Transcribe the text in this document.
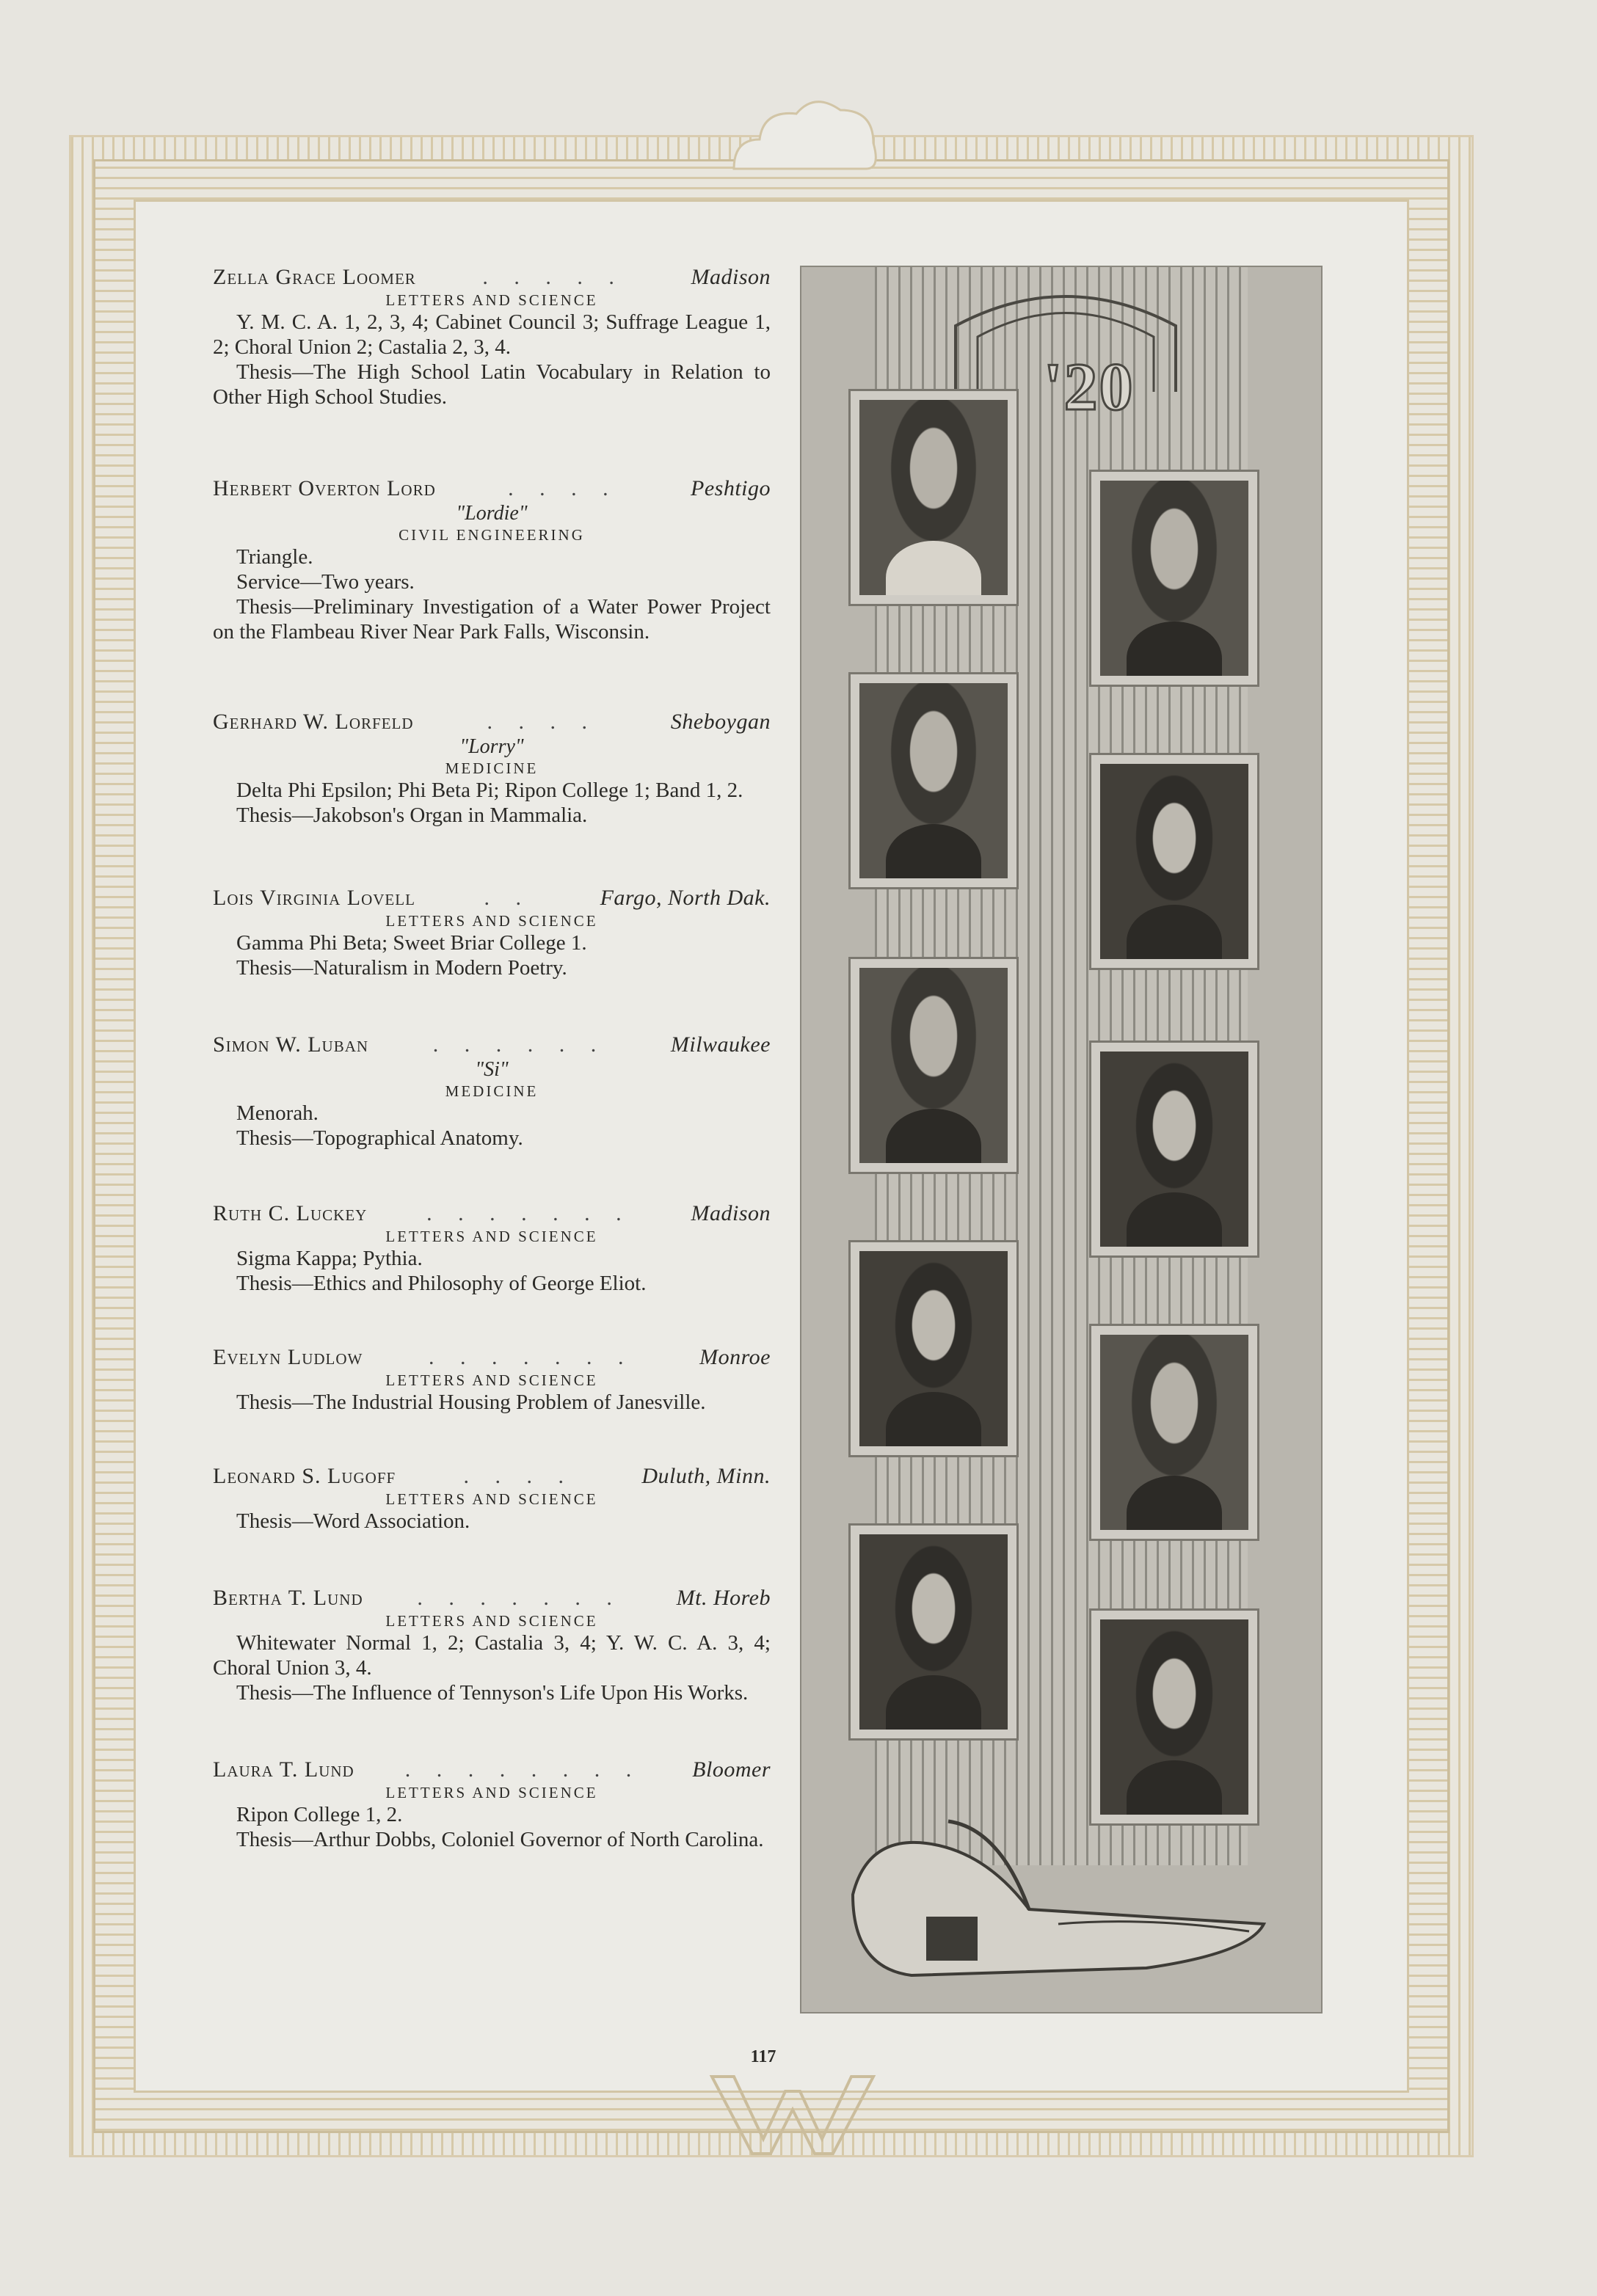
Zella Grace Loomer	. . . . .	Madison
LETTERS AND SCIENCE
Y. M. C. A. 1, 2, 3, 4; Cabinet Council 3; Suffrage League 1, 2; Choral Union 2; Castalia 2, 3, 4.
Thesis—The High School Latin Vocabulary in Relation to Other High School Studies.
Herbert Overton Lord	. . . .	Peshtigo
"Lordie"
CIVIL ENGINEERING
Triangle.
Service—Two years.
Thesis—Preliminary Investigation of a Water Power Project on the Flambeau River Near Park Falls, Wisconsin.
Gerhard W. Lorfeld	. . . .	Sheboygan
"Lorry"
MEDICINE
Delta Phi Epsilon; Phi Beta Pi; Ripon College 1; Band 1, 2.
Thesis—Jakobson's Organ in Mammalia.
Lois Virginia Lovell	. .	Fargo, North Dak.
LETTERS AND SCIENCE
Gamma Phi Beta; Sweet Briar College 1.
Thesis—Naturalism in Modern Poetry.
Simon W. Luban	. . . . . .	Milwaukee
"Si"
MEDICINE
Menorah.
Thesis—Topographical Anatomy.
Ruth C. Luckey	. . . . . . .	Madison
LETTERS AND SCIENCE
Sigma Kappa; Pythia.
Thesis—Ethics and Philosophy of George Eliot.
Evelyn Ludlow	. . . . . . .	Monroe
LETTERS AND SCIENCE
Thesis—The Industrial Housing Problem of Janesville.
Leonard S. Lugoff	. . . .	Duluth, Minn.
LETTERS AND SCIENCE
Thesis—Word Association.
Bertha T. Lund	. . . . . . .	Mt. Horeb
LETTERS AND SCIENCE
Whitewater Normal 1, 2; Castalia 3, 4; Y. W. C. A. 3, 4; Choral Union 3, 4.
Thesis—The Influence of Tennyson's Life Upon His Works.
Laura T. Lund	. . . . . . . .	Bloomer
LETTERS AND SCIENCE
Ripon College 1, 2.
Thesis—Arthur Dobbs, Coloniel Governor of North Carolina.
117
'20
